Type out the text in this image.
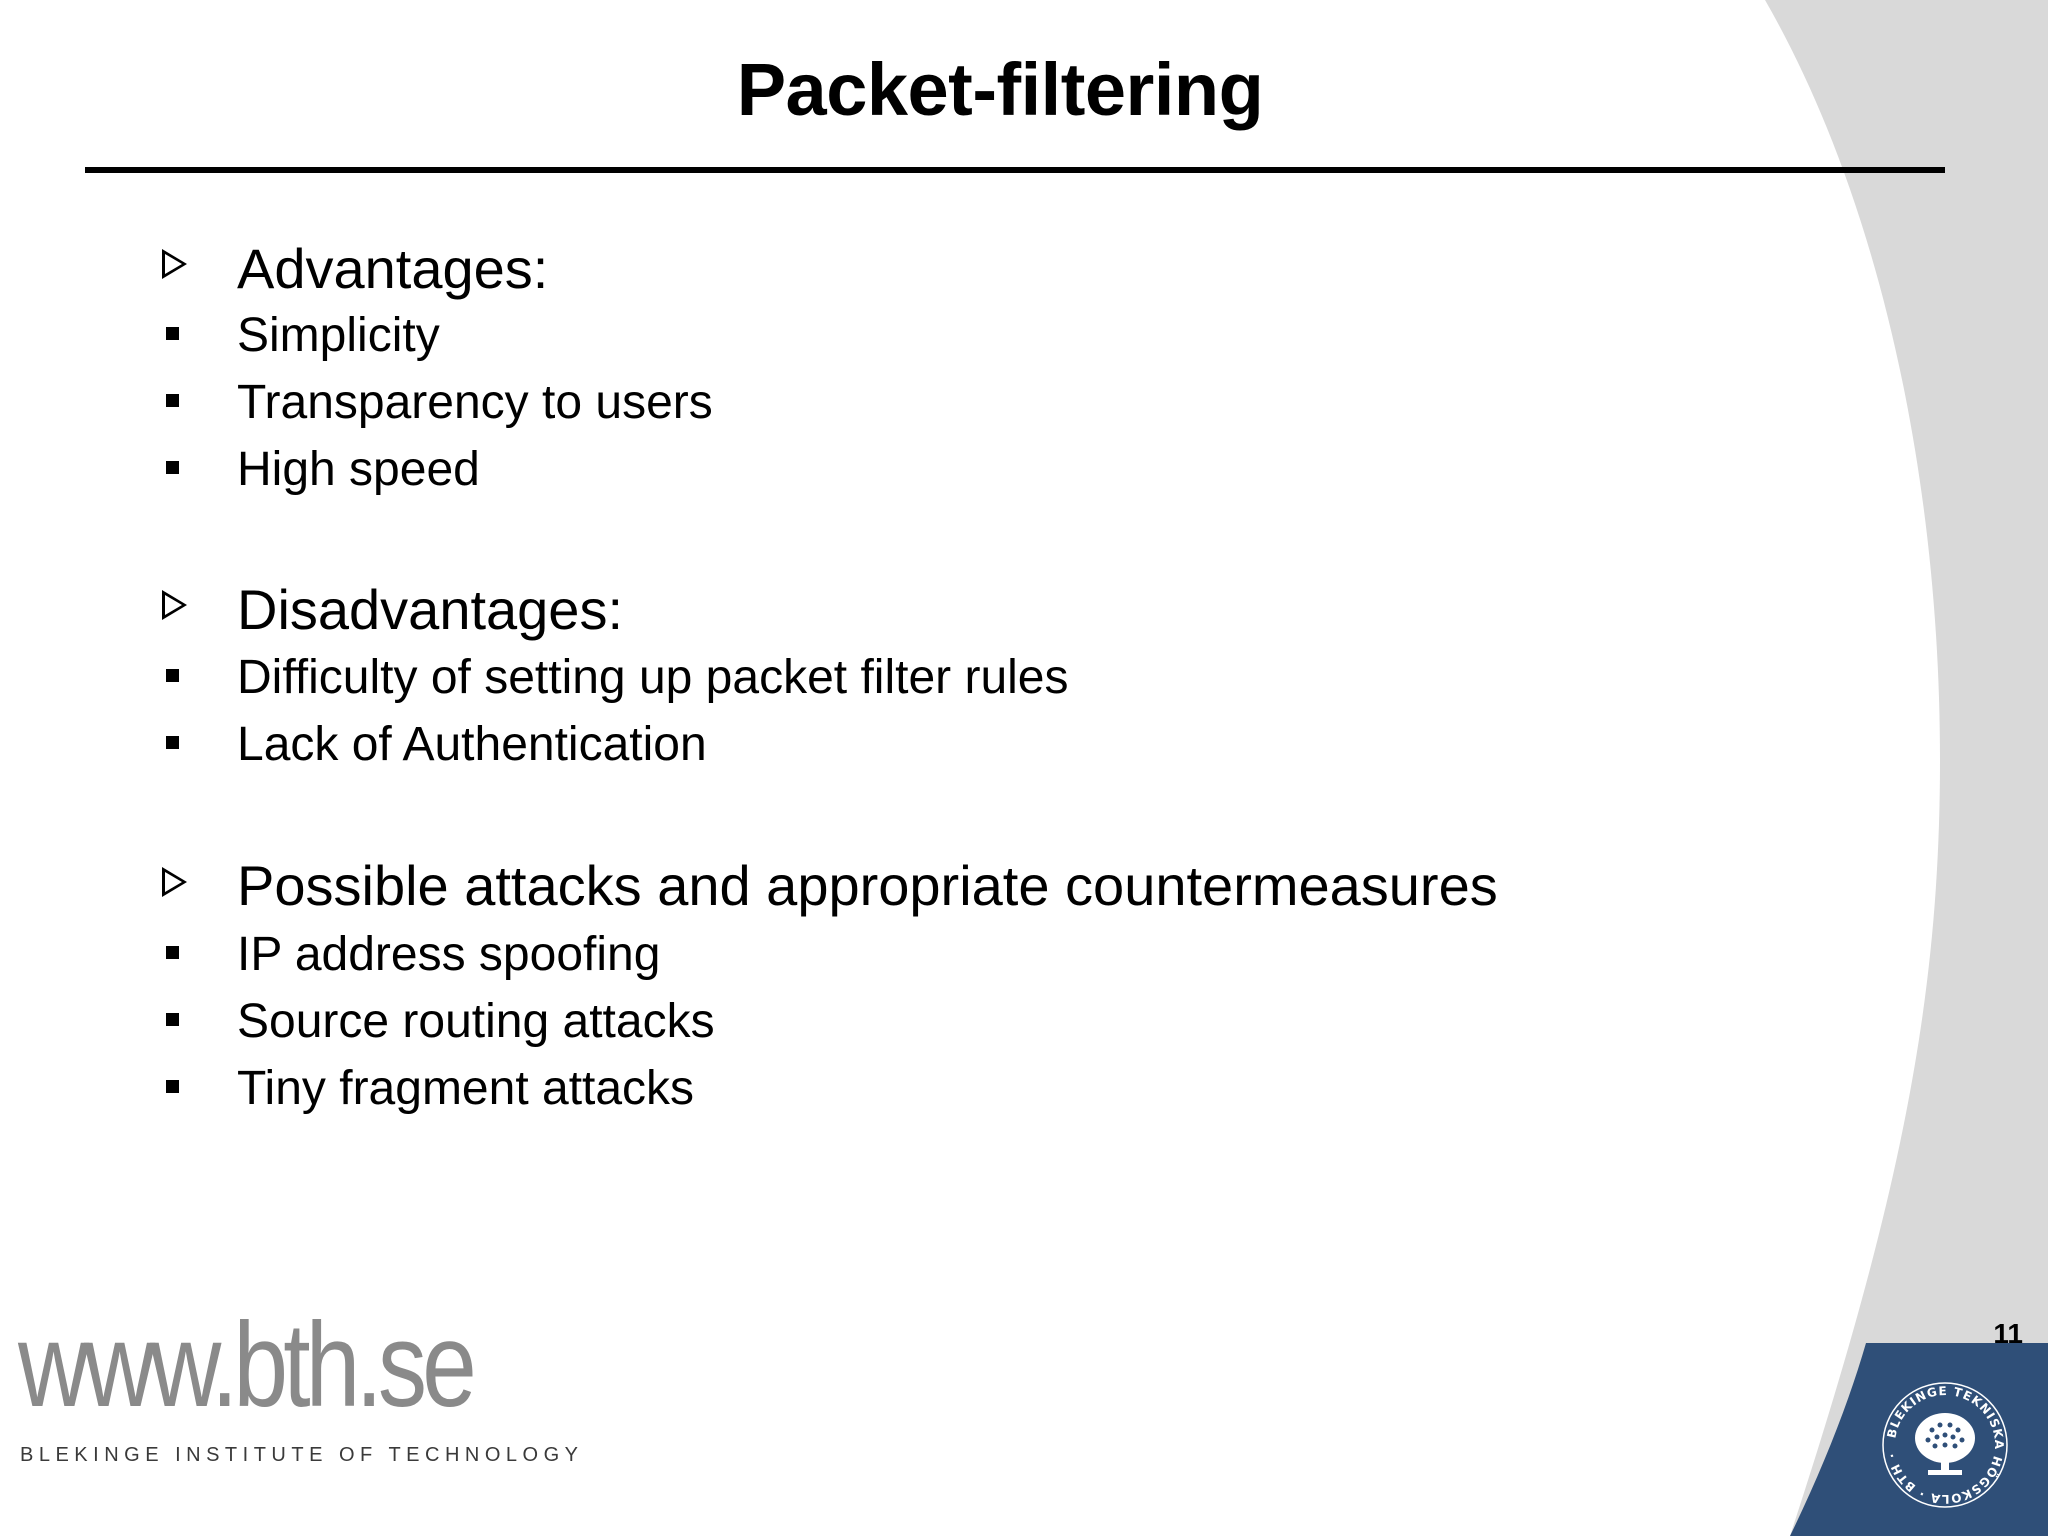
Packet-filtering
Advantages:
Simplicity
Transparency to users
High speed
Disadvantages:
Difficulty of setting up packet filter rules
Lack of Authentication
Possible attacks and appropriate countermeasures
IP address spoofing
Source routing attacks
Tiny fragment attacks
www.bth.se
BLEKINGE INSTITUTE OF TECHNOLOGY
11
BLEKINGE TEKNISKA HÖGSKOLA · BTH ·
